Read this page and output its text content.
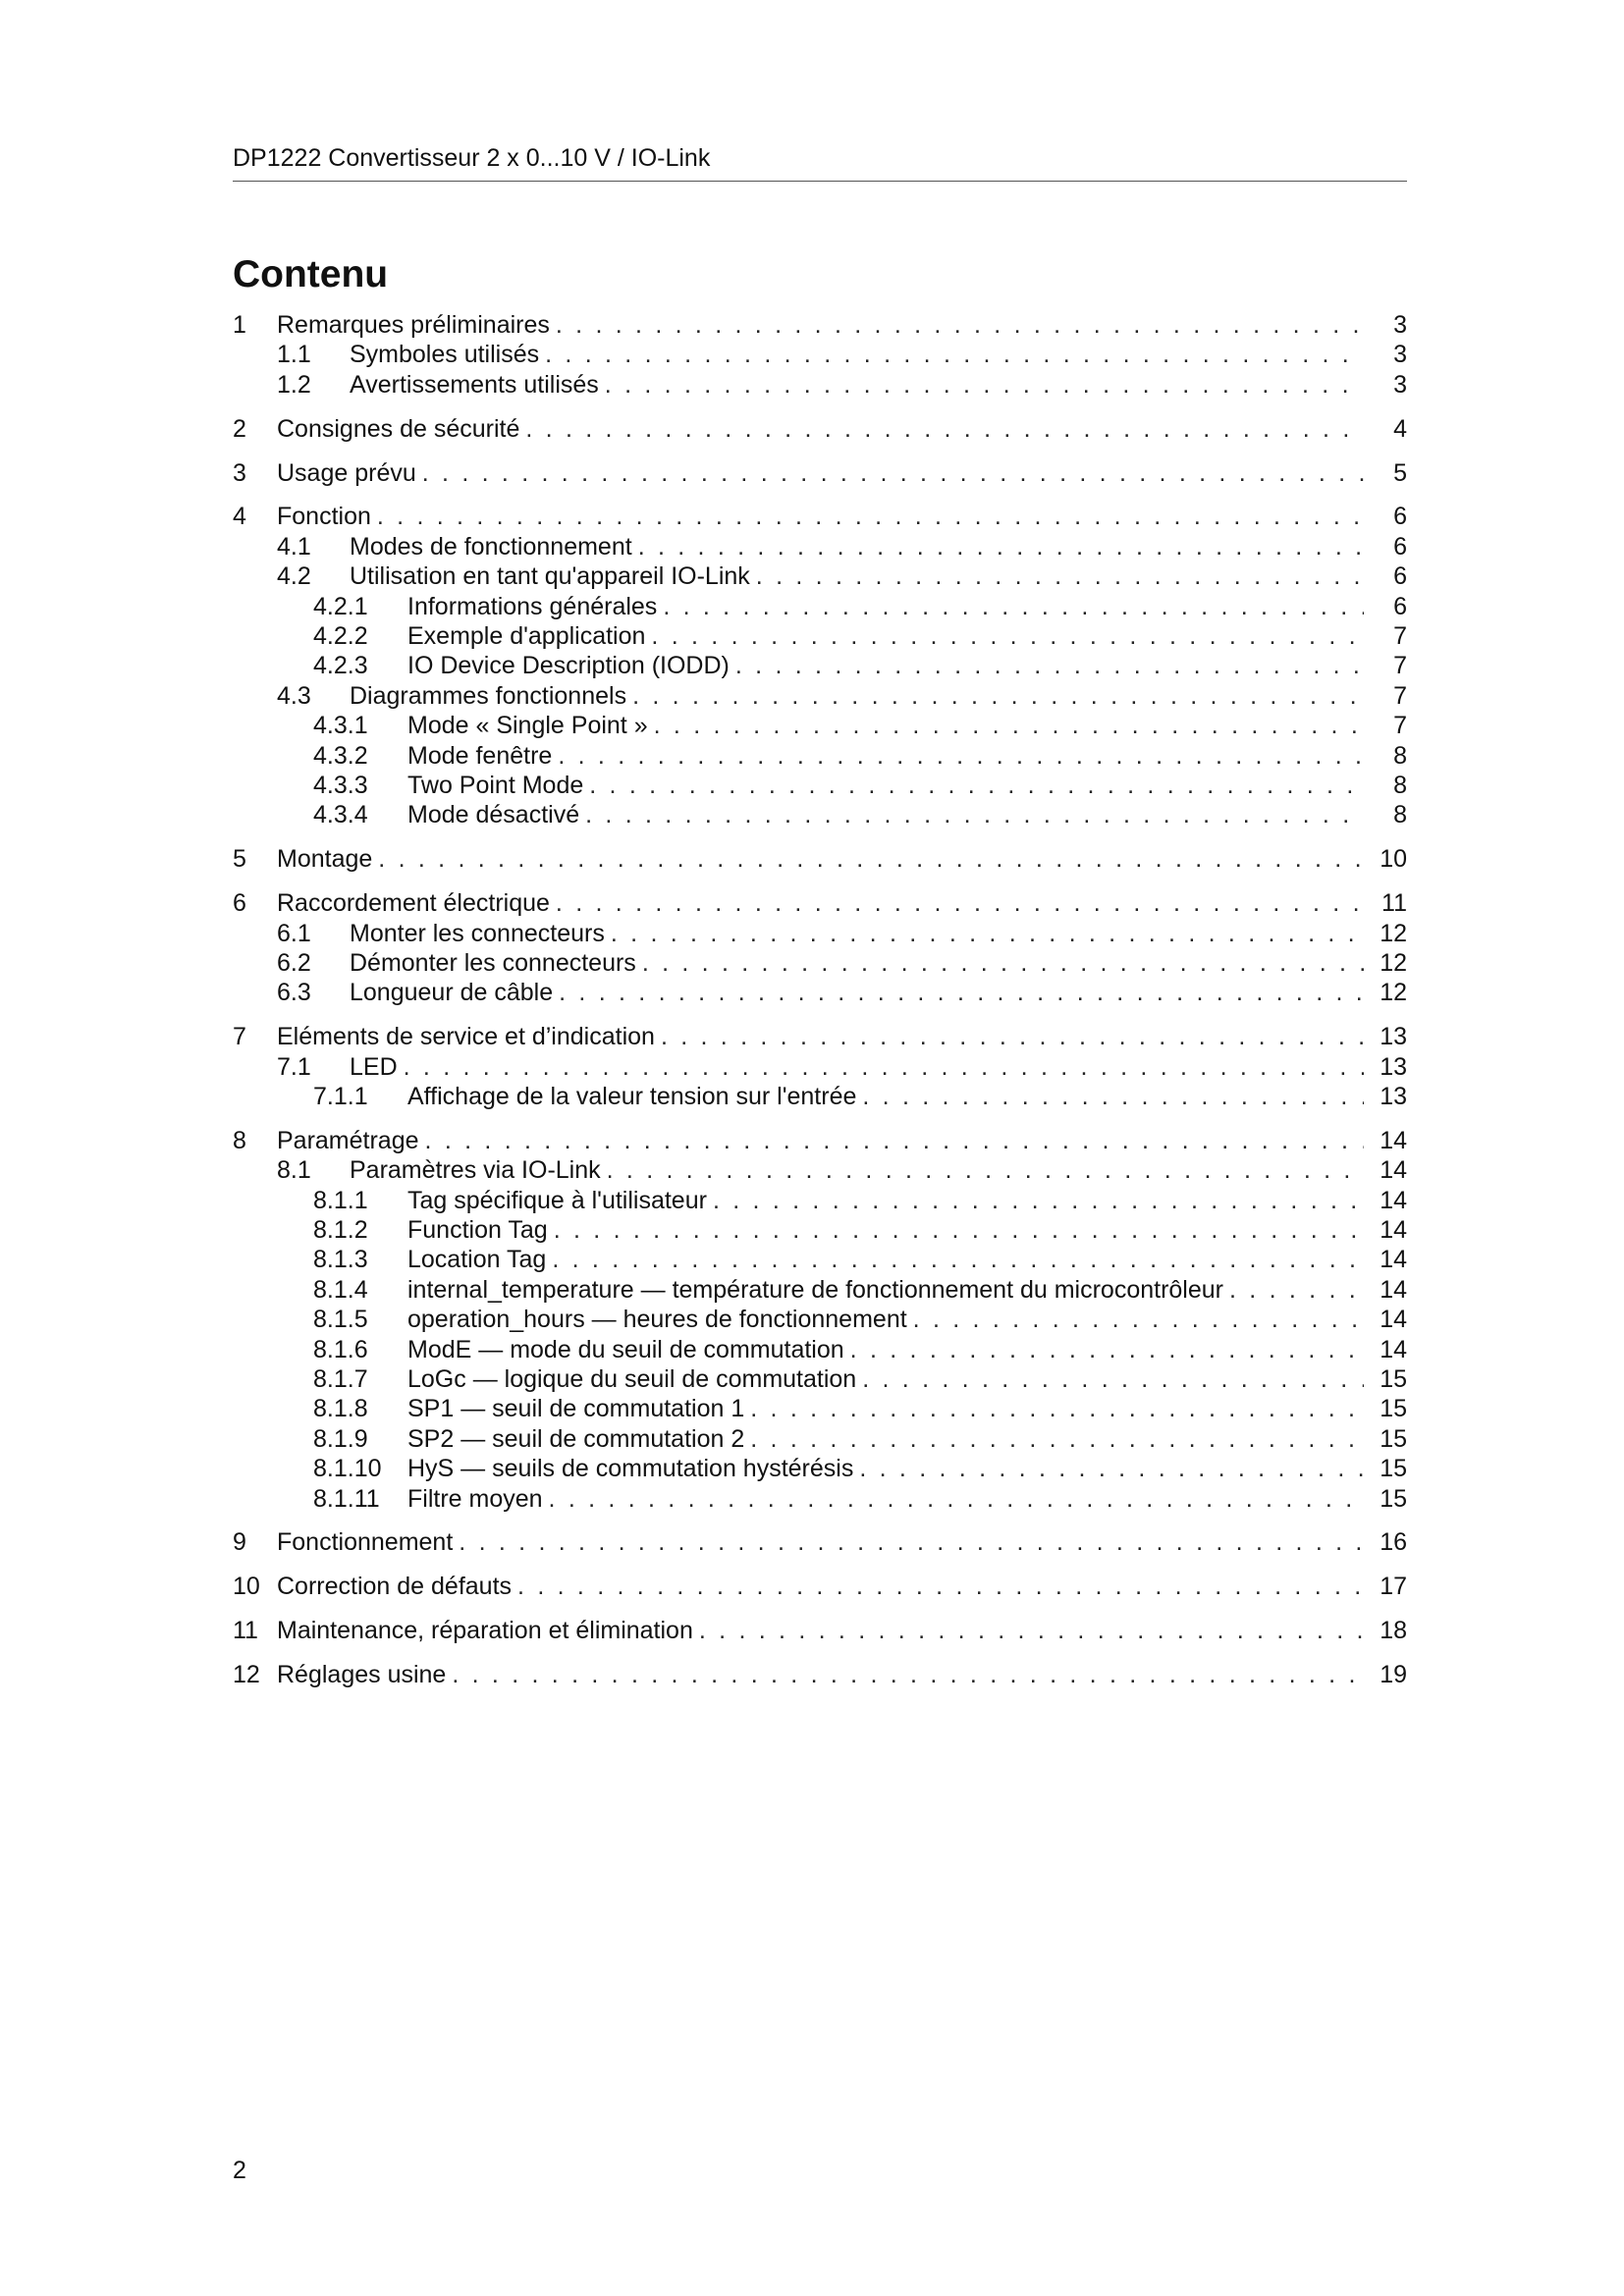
DP1222 Convertisseur 2 x 0...10 V / IO-Link
Contenu
1	Remarques préliminaires . . .	3
1.1	Symboles utilisés . . .	3
1.2	Avertissements utilisés . . .	3
2	Consignes de sécurité . . .	4
3	Usage prévu . . .	5
4	Fonction . . .	6
4.1	Modes de fonctionnement . . .	6
4.2	Utilisation en tant qu'appareil IO-Link . . .	6
4.2.1	Informations générales . . .	6
4.2.2	Exemple d'application . . .	7
4.2.3	IO Device Description (IODD) . . .	7
4.3	Diagrammes fonctionnels . . .	7
4.3.1	Mode « Single Point » . . .	7
4.3.2	Mode fenêtre . . .	8
4.3.3	Two Point Mode . . .	8
4.3.4	Mode désactivé . . .	8
5	Montage . . .	10
6	Raccordement électrique . . .	11
6.1	Monter les connecteurs . . .	12
6.2	Démonter les connecteurs . . .	12
6.3	Longueur de câble . . .	12
7	Eléments de service et d’indication . . .	13
7.1	LED . . .	13
7.1.1	Affichage de la valeur tension sur l'entrée . . .	13
8	Paramétrage . . .	14
8.1	Paramètres via IO-Link . . .	14
8.1.1	Tag spécifique à l'utilisateur . . .	14
8.1.2	Function Tag . . .	14
8.1.3	Location Tag . . .	14
8.1.4	internal_temperature — température de fonctionnement du microcontrôleur . . .	14
8.1.5	operation_hours — heures de fonctionnement . . .	14
8.1.6	ModE — mode du seuil de commutation . . .	14
8.1.7	LoGc — logique du seuil de commutation . . .	15
8.1.8	SP1 — seuil de commutation 1 . . .	15
8.1.9	SP2 — seuil de commutation 2 . . .	15
8.1.10	HyS — seuils de commutation hystérésis . . .	15
8.1.11	Filtre moyen . . .	15
9	Fonctionnement . . .	16
10 Correction de défauts . . .	17
11 Maintenance, réparation et élimination . . .	18
12 Réglages usine . . .	19
2
